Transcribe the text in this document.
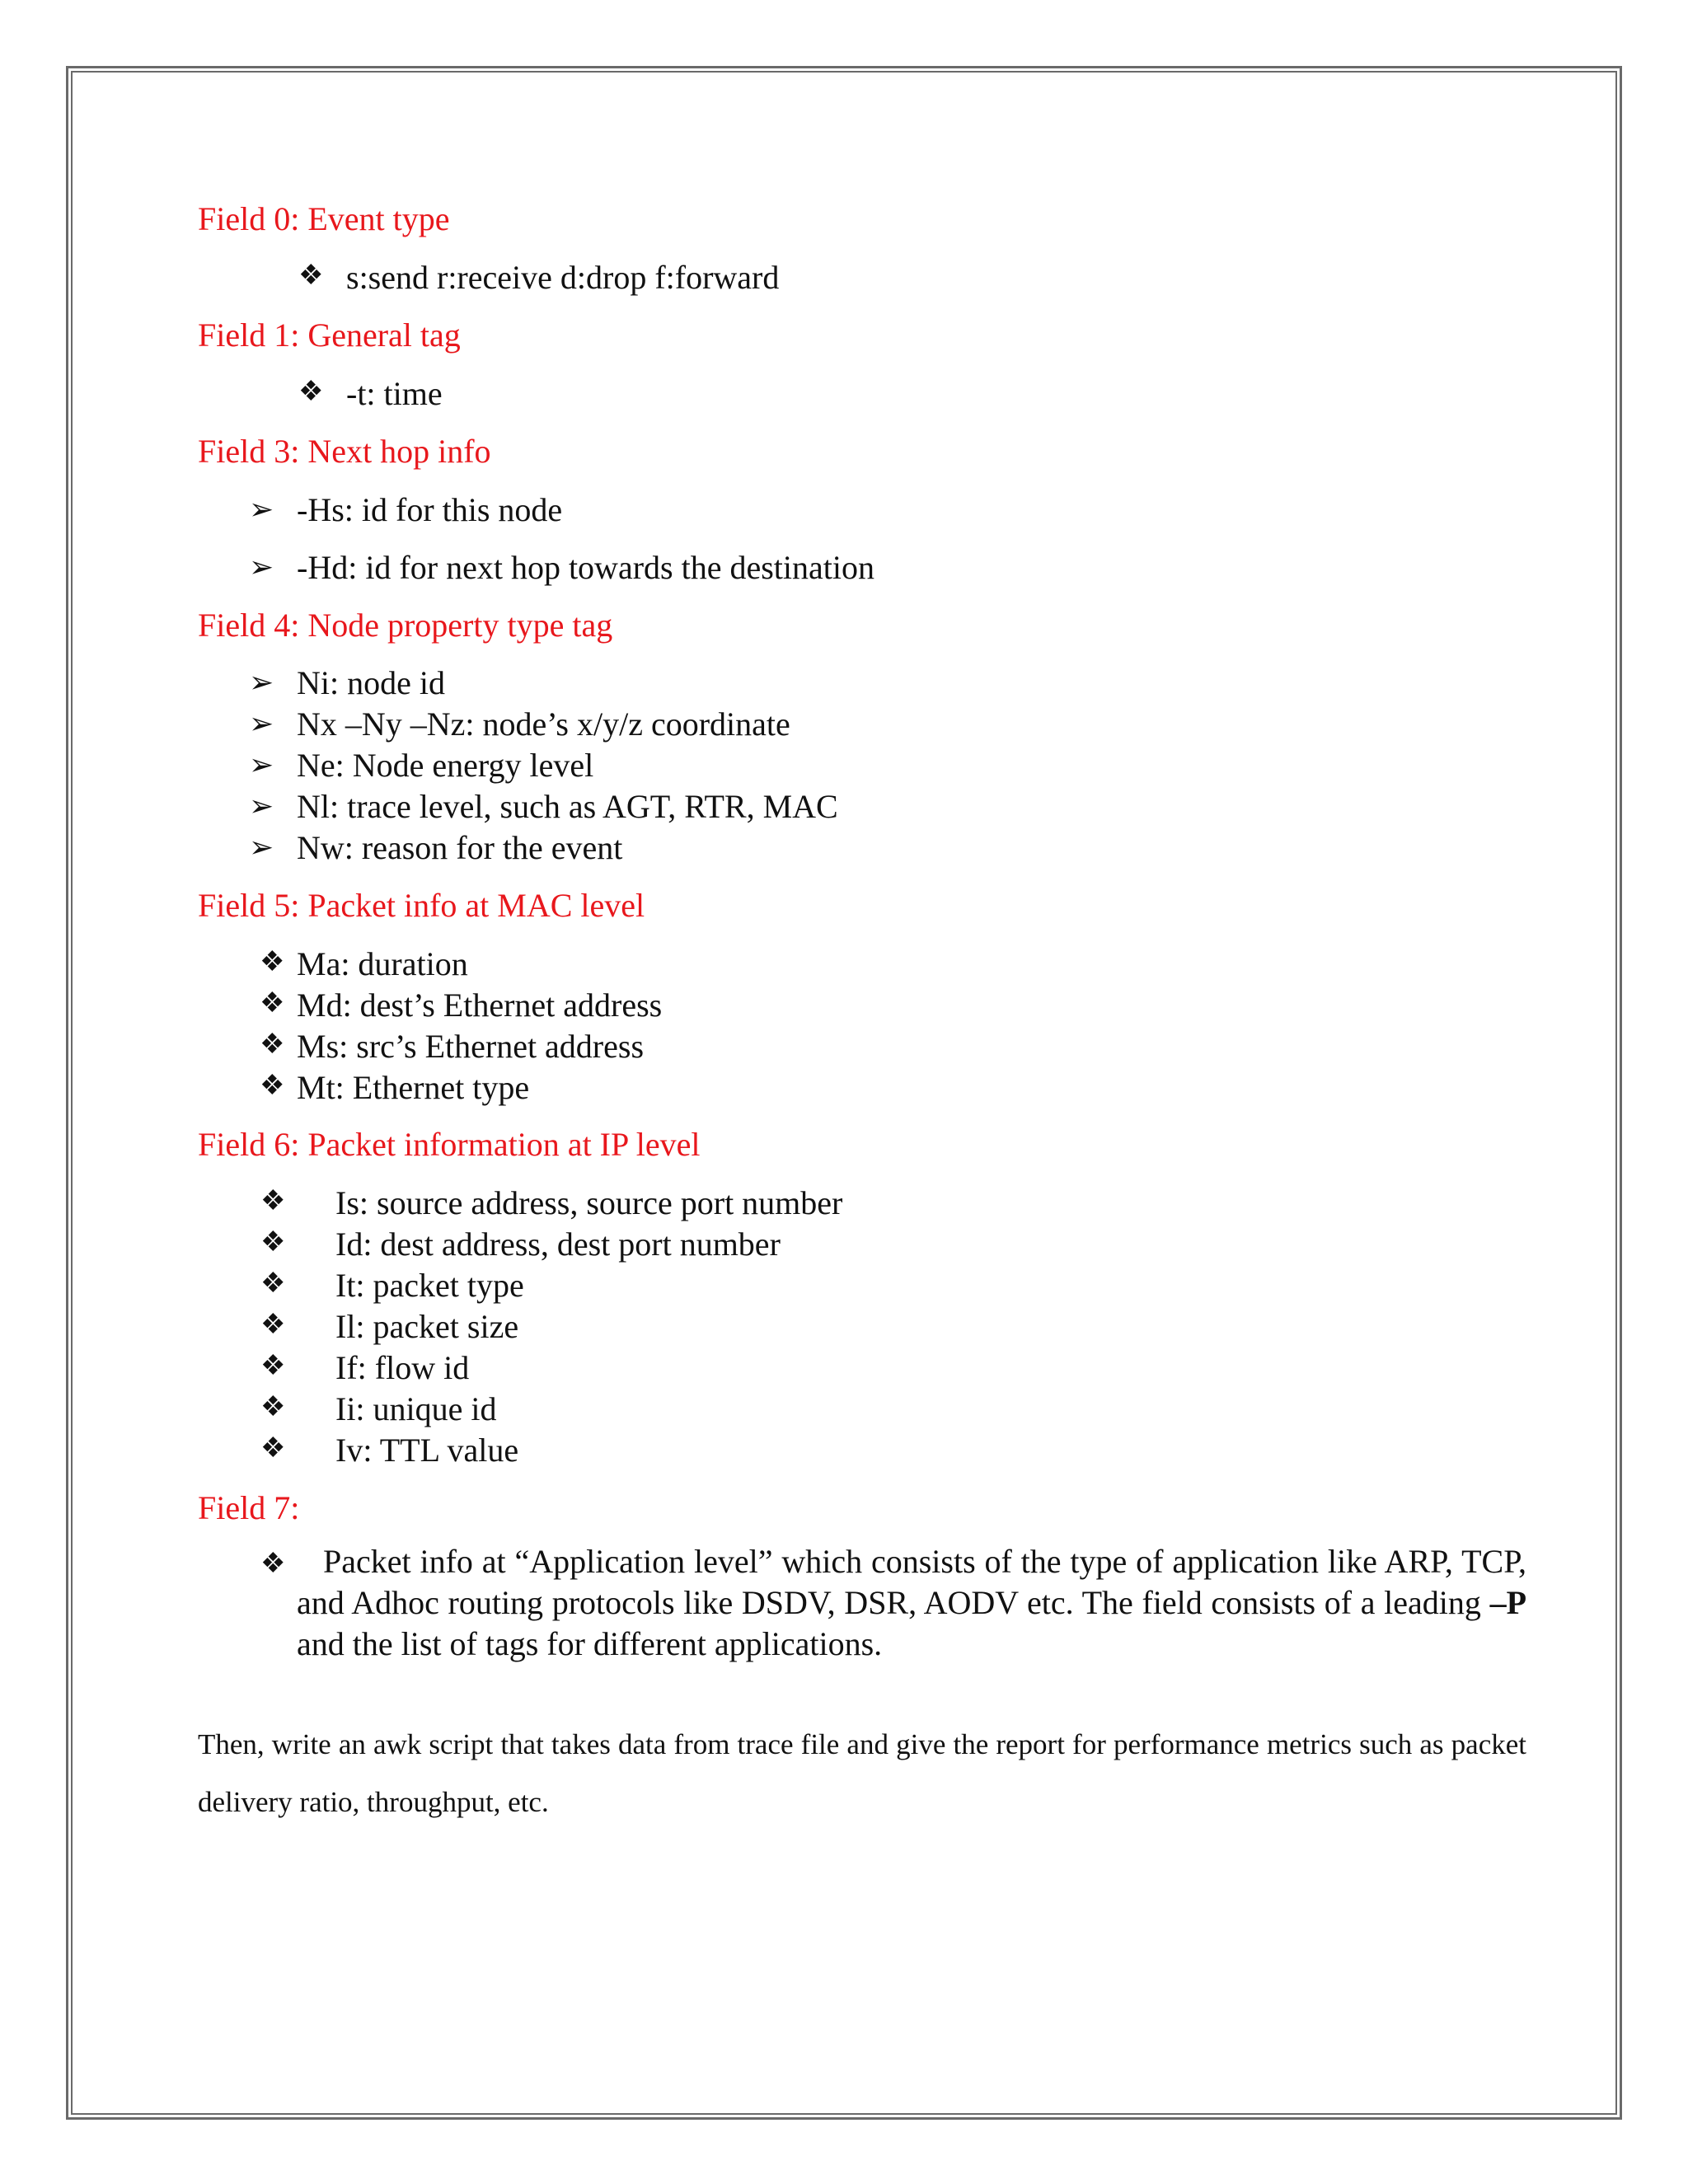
Field 0: Event type
❖ s:send r:receive d:drop f:forward
Field 1: General tag
❖ -t: time
Field 3: Next hop info
➢ -Hs: id for this node
➢ -Hd: id for next hop towards the destination
Field 4: Node property type tag
➢ Ni: node id
➢ Nx –Ny –Nz: node’s x/y/z coordinate
➢ Ne: Node energy level
➢ Nl: trace level, such as AGT, RTR, MAC
➢ Nw: reason for the event
Field 5: Packet info at MAC level
❖ Ma: duration
❖ Md: dest’s Ethernet address
❖ Ms: src’s Ethernet address
❖ Mt: Ethernet type
Field 6: Packet information at IP level
❖ Is: source address, source port number
❖ Id: dest address, dest port number
❖ It: packet type
❖ Il: packet size
❖ If: flow id
❖ Ii: unique id
❖ Iv: TTL value
Field 7:
❖	Packet info at “Application level” which consists of the type of application like ARP, TCP, and Adhoc routing protocols like DSDV, DSR, AODV etc. The field consists of a leading –P and the list of tags for different applications.
Then, write an awk script that takes data from trace file and give the report for performance metrics such as packet delivery ratio, throughput, etc.
